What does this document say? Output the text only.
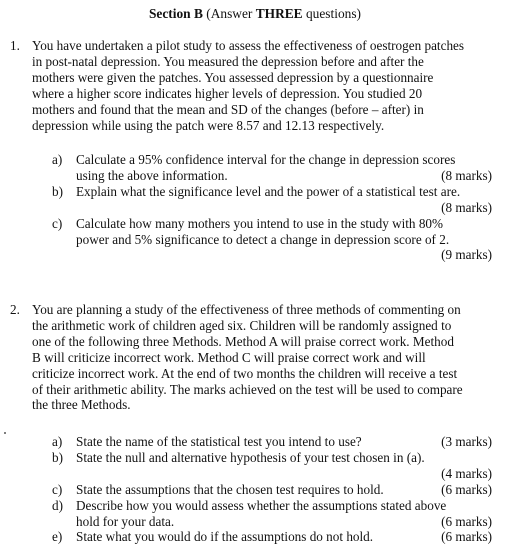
Section B (Answer THREE questions)
1. You have undertaken a pilot study to assess the effectiveness of oestrogen patches
in post-natal depression. You measured the depression before and after the
mothers were given the patches. You assessed depression by a questionnaire
where a higher score indicates higher levels of depression. You studied 20
mothers and found that the mean and SD of the changes (before – after) in
depression while using the patch were 8.57 and 12.13 respectively.
a) Calculate a 95% confidence interval for the change in depression scores
using the above information.	(8 marks)
b) Explain what the significance level and the power of a statistical test are.
(8 marks)
c) Calculate how many mothers you intend to use in the study with 80%
power and 5% significance to detect a change in depression score of 2.
(9 marks)
2. You are planning a study of the effectiveness of three methods of commenting on
the arithmetic work of children aged six. Children will be randomly assigned to
one of the following three Methods. Method A will praise correct work. Method
B will criticize incorrect work. Method C will praise correct work and will
criticize incorrect work. At the end of two months the children will receive a test
of their arithmetic ability. The marks achieved on the test will be used to compare
the three Methods.
a) State the name of the statistical test you intend to use?	(3 marks)
b) State the null and alternative hypothesis of your test chosen in (a).
(4 marks)
c) State the assumptions that the chosen test requires to hold.	(6 marks)
d) Describe how you would assess whether the assumptions stated above
hold for your data.	(6 marks)
e) State what you would do if the assumptions do not hold.	(6 marks)
